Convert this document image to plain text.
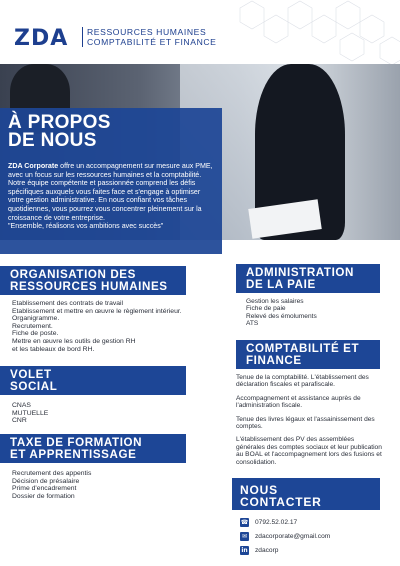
ZDA RESSOURCES HUMAINES
COMPTABILITÉ ET FINANCE
À PROPOS
DE NOUS

ZDA Corporate offre un accompagnement sur mesure aux PME, avec un focus sur les ressources humaines et la comptabilité. Notre équipe compétente et passionnée comprend les défis spécifiques auxquels vous faites face et s'engage à optimiser votre gestion administrative. En nous confiant vos tâches quotidiennes, vous pourrez vous concentrer pleinement sur la croissance de votre entreprise.

"Ensemble, réalisons vos ambitions avec succès"

ORGANISATION DES
RESSOURCES HUMAINES
Etablissement des contrats de travail
Etablissement et mettre en œuvre le règlement intérieur.
Organigramme.
Recrutement.
Fiche de poste.
Mettre en œuvre les outils de gestion RH
et les tableaux de bord RH.
VOLET
SOCIAL
CNAS
MUTUELLE
CNR
TAXE DE FORMATION
ET APPRENTISSAGE
Recrutement des appentis
Décision de présalaire
Prime d'encadrement
Dossier de formation
ADMINISTRATION
DE LA PAIE
Gestion les salaires
Fiche de paie
Relevé des émoluments
ATS
COMPTABILITÉ ET
FINANCE

Tenue de la comptabilité. L'établissement des déclaration fiscales et parafiscale.

Accompagnement et assistance auprès de l'administration fiscale.

Tenue des livres légaux et l'assainissement des comptes.

L'établissement des PV des assemblées générales des comptes sociaux et leur publication au BOAL et l'accompagnement lors des fusions et consolidation.

NOUS
CONTACTER
☎ 0792.52.02.17
✉	zdacorporate@gmail.com
in zdacorp
